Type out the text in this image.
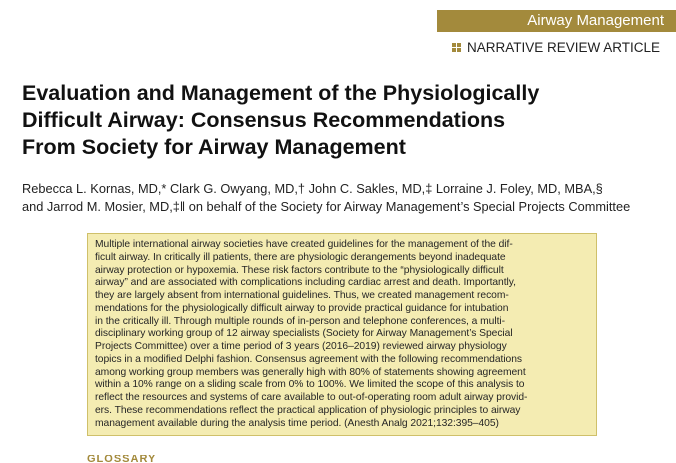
Airway Management
NARRATIVE REVIEW ARTICLE
Evaluation and Management of the Physiologically
Difficult Airway: Consensus Recommendations
From Society for Airway Management
Rebecca L. Kornas, MD,* Clark G. Owyang, MD,† John C. Sakles, MD,‡ Lorraine J. Foley, MD, MBA,§
and Jarrod M. Mosier, MD,‡‖ on behalf of the Society for Airway Management’s Special Projects Committee
Multiple international airway societies have created guidelines for the management of the dif-
ficult airway. In critically ill patients, there are physiologic derangements beyond inadequate
airway protection or hypoxemia. These risk factors contribute to the “physiologically difficult
airway” and are associated with complications including cardiac arrest and death. Importantly,
they are largely absent from international guidelines. Thus, we created management recom-
mendations for the physiologically difficult airway to provide practical guidance for intubation
in the critically ill. Through multiple rounds of in-person and telephone conferences, a multi-
disciplinary working group of 12 airway specialists (Society for Airway Management’s Special
Projects Committee) over a time period of 3 years (2016–2019) reviewed airway physiology
topics in a modified Delphi fashion. Consensus agreement with the following recommendations
among working group members was generally high with 80% of statements showing agreement
within a 10% range on a sliding scale from 0% to 100%. We limited the scope of this analysis to
reflect the resources and systems of care available to out-of-operating room adult airway provid-
ers. These recommendations reflect the practical application of physiologic principles to airway
management available during the analysis time period. (Anesth Analg 2021;132:395–405)
GLOSSARY
